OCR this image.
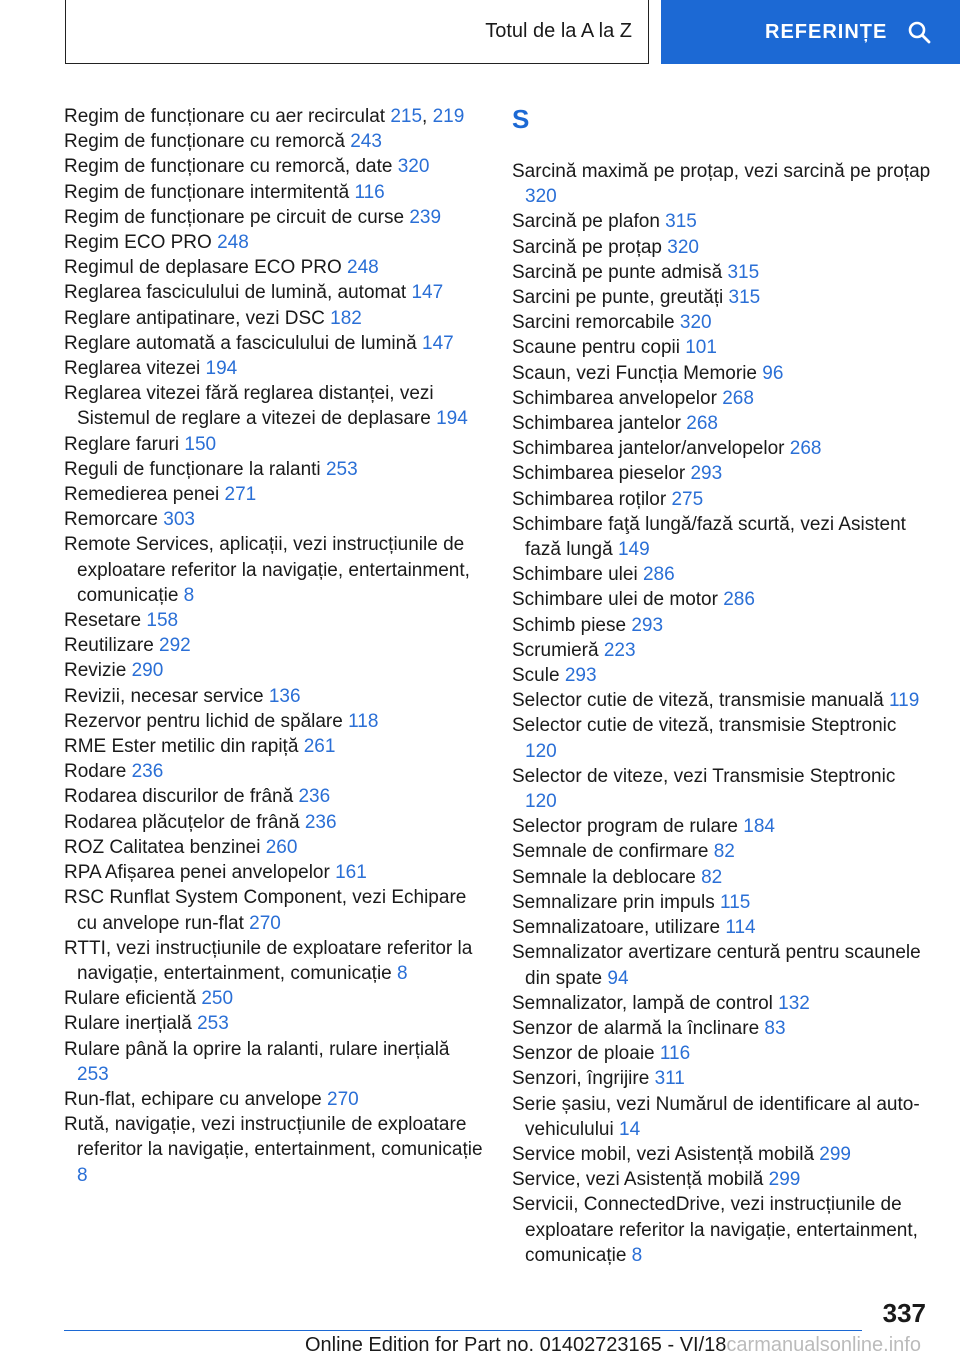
Totul de la A la Z	REFERINȚE

Regim de funcționare cu aer recirculat 215, 219

Regim de funcționare cu remorcă 243

Regim de funcționare cu remorcă, date 320

Regim de funcționare intermitentă 116

Regim de funcționare pe circuit de curse 239

Regim ECO PRO 248

Regimul de deplasare ECO PRO 248

Reglarea fasciculului de lumină, automat 147

Reglare antipatinare, vezi DSC 182

Reglare automată a fasciculului de lumină 147

Reglarea vitezei 194

Reglarea vitezei fără reglarea distanței, vezi Sistemul de reglare a vitezei de deplasare 194

Reglare faruri 150

Reguli de funcționare la ralanti 253

Remedierea penei 271

Remorcare 303

Remote Services, aplicații, vezi instrucțiunile de exploatare referitor la navigație, entertainment, comunicație 8

Resetare 158

Reutilizare 292

Revizie 290

Revizii, necesar service 136

Rezervor pentru lichid de spălare 118

RME Ester metilic din rapiță 261

Rodare 236

Rodarea discurilor de frână 236

Rodarea plăcuțelor de frână 236

ROZ Calitatea benzinei 260

RPA Afișarea penei anvelopelor 161

RSC Runflat System Component, vezi Echipare cu anvelope run-flat 270

RTTI, vezi instrucțiunile de exploatare referitor la navigație, entertainment, comunicație 8

Rulare eficientă 250

Rulare inerțială 253

Rulare până la oprire la ralanti, rulare inerțială 253

Run-flat, echipare cu anvelope 270

Rută, navigație, vezi instrucțiunile de exploatare referitor la navigație, entertainment, comunicație 8

S

Sarcină maximă pe proțap, vezi sarcină pe proțap 320

Sarcină pe plafon 315

Sarcină pe proțap 320

Sarcină pe punte admisă 315

Sarcini pe punte, greutăți 315

Sarcini remorcabile 320

Scaune pentru copii 101

Scaun, vezi Funcția Memorie 96

Schimbarea anvelopelor 268

Schimbarea jantelor 268

Schimbarea jantelor/anvelopelor 268

Schimbarea pieselor 293

Schimbarea roților 275

Schimbare faţă lungă/fază scurtă, vezi Asistent fază lungă 149

Schimbare ulei 286

Schimbare ulei de motor 286

Schimb piese 293

Scrumieră 223

Scule 293

Selector cutie de viteză, transmisie manuală 119

Selector cutie de viteză, transmisie Steptronic 120

Selector de viteze, vezi Transmisie Steptronic 120

Selector program de rulare 184

Semnale de confirmare 82

Semnale la deblocare 82

Semnalizare prin impuls 115

Semnalizatoare, utilizare 114

Semnalizator avertizare centură pentru scaunele din spate 94

Semnalizator, lampă de control 132

Senzor de alarmă la înclinare 83

Senzor de ploaie 116

Senzori, îngrijire 311

Serie șasiu, vezi Numărul de identificare al autovehiculului 14

Service mobil, vezi Asistență mobilă 299

Service, vezi Asistență mobilă 299

Servicii, ConnectedDrive, vezi instrucțiunile de exploatare referitor la navigație, entertainment, comunicație 8

337
Online Edition for Part no. 01402723165 - VI/18carmanualsonline.info
